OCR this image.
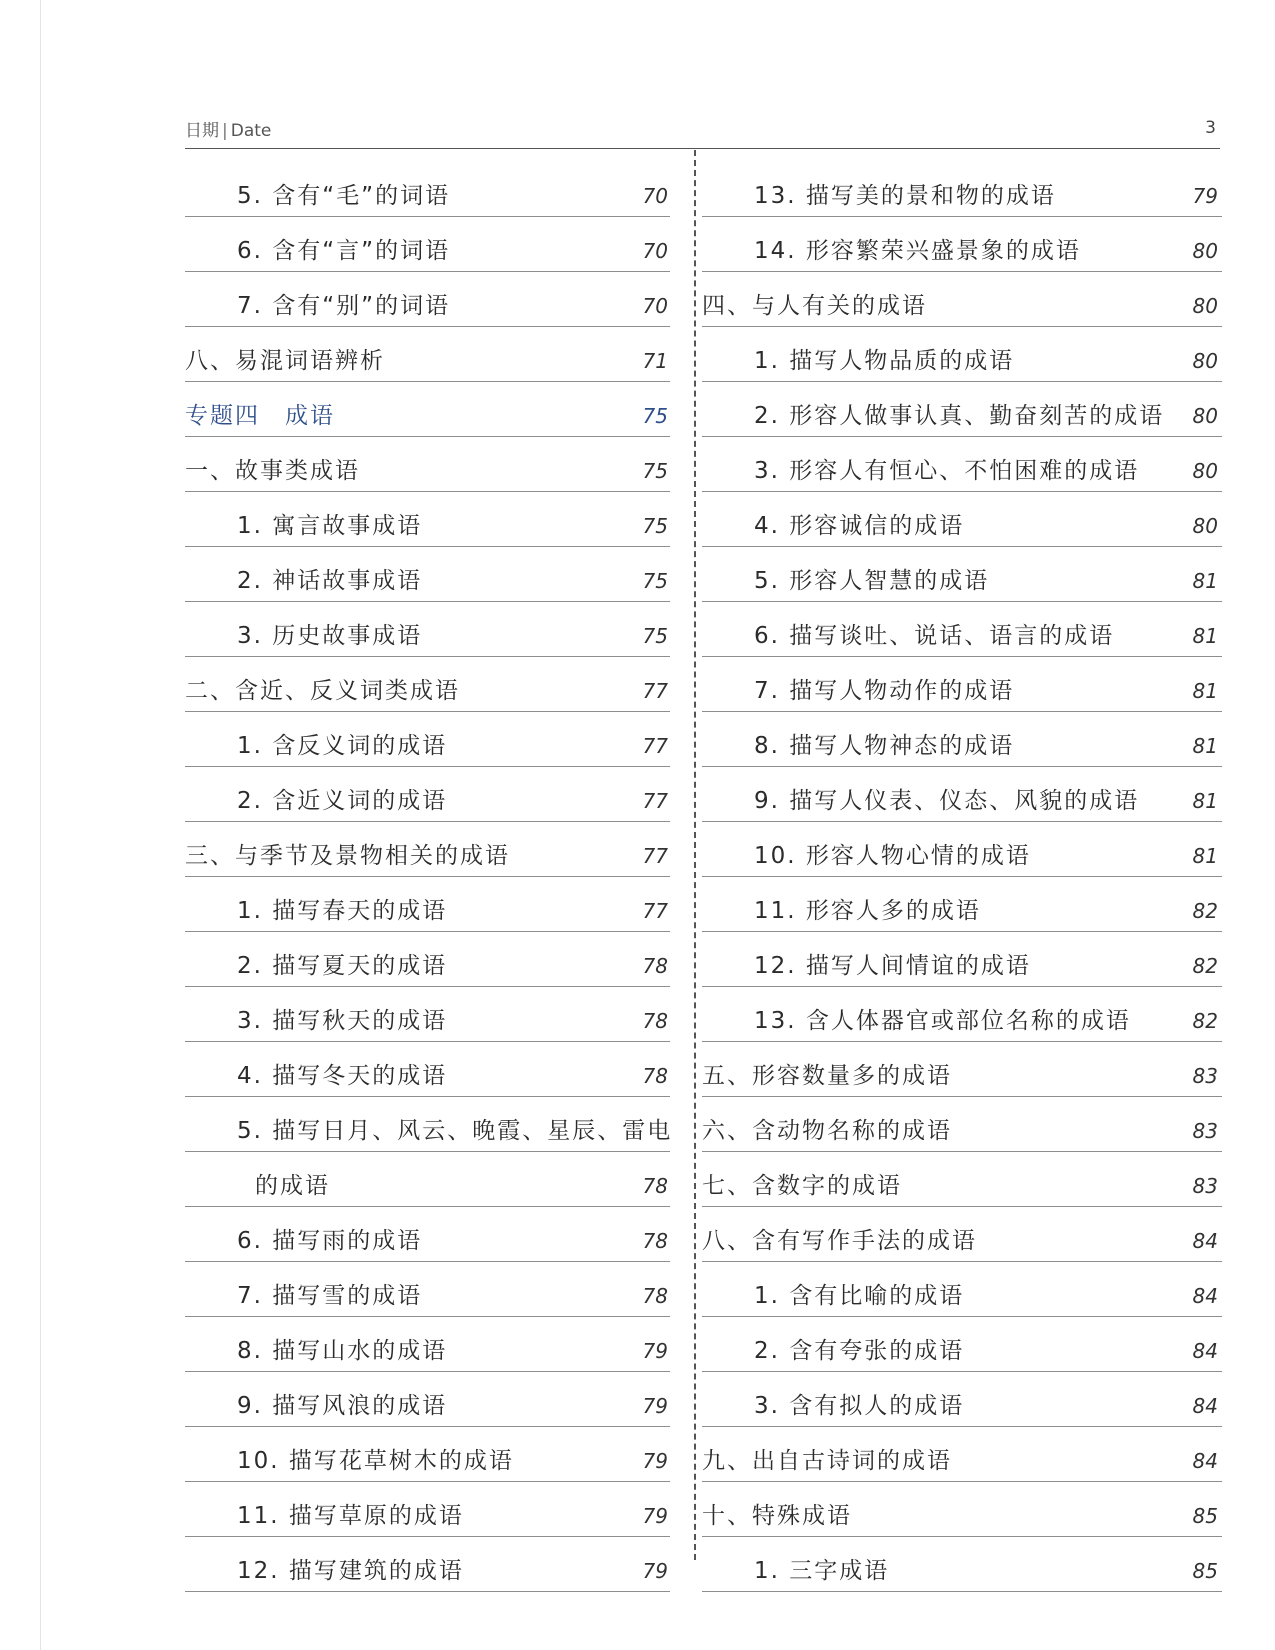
日期 | Date	3
5. 含有“毛”的词语	70
6. 含有“言”的词语	70
7. 含有“别”的词语	70
八、易混词语辨析	71
专题四　成语	75
一、故事类成语	75
1. 寓言故事成语	75
2. 神话故事成语	75
3. 历史故事成语	75
二、含近、反义词类成语	77
1. 含反义词的成语	77
2. 含近义词的成语	77
三、与季节及景物相关的成语	77
1. 描写春天的成语	77
2. 描写夏天的成语	78
3. 描写秋天的成语	78
4. 描写冬天的成语	78
5. 描写日月、风云、晚霞、星辰、雷电
的成语	78
6. 描写雨的成语	78
7. 描写雪的成语	78
8. 描写山水的成语	79
9. 描写风浪的成语	79
10. 描写花草树木的成语	79
11. 描写草原的成语	79
12. 描写建筑的成语	79
13. 描写美的景和物的成语	79
14. 形容繁荣兴盛景象的成语	80
四、与人有关的成语	80
1. 描写人物品质的成语	80
2. 形容人做事认真、勤奋刻苦的成语 80
3. 形容人有恒心、不怕困难的成语	80
4. 形容诚信的成语	80
5. 形容人智慧的成语	81
6. 描写谈吐、说话、语言的成语	81
7. 描写人物动作的成语	81
8. 描写人物神态的成语	81
9. 描写人仪表、仪态、风貌的成语	81
10. 形容人物心情的成语	81
11. 形容人多的成语	82
12. 描写人间情谊的成语	82
13. 含人体器官或部位名称的成语	82
五、形容数量多的成语	83
六、含动物名称的成语	83
七、含数字的成语	83
八、含有写作手法的成语	84
1. 含有比喻的成语	84
2. 含有夸张的成语	84
3. 含有拟人的成语	84
九、出自古诗词的成语	84
十、特殊成语	85
1. 三字成语	85
